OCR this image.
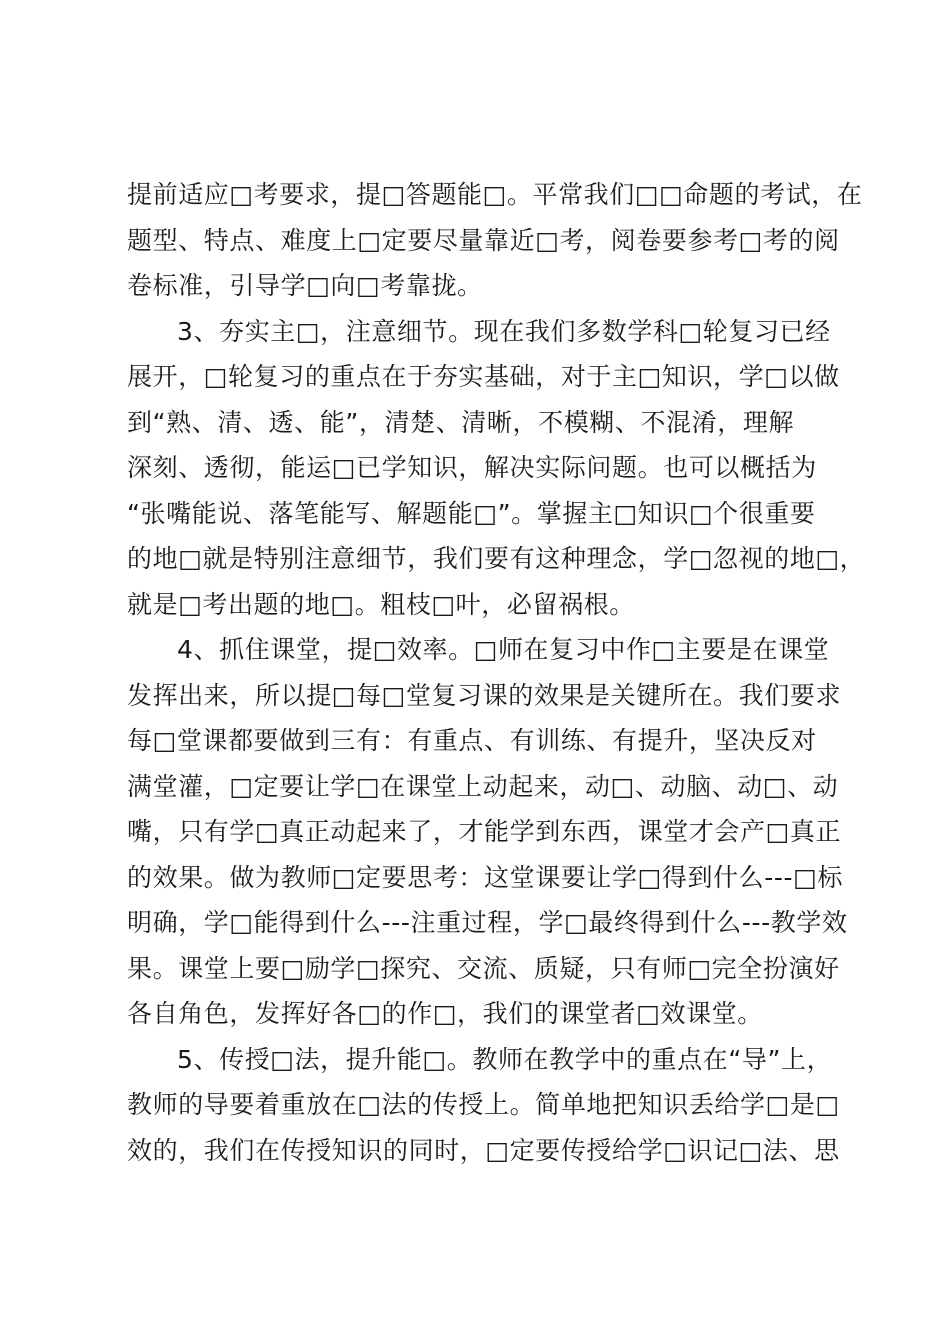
提前适应□考要求，提□答题能□。平常我们□□命题的考试，在
题型、特点、难度上□定要尽量靠近□考，阅卷要参考□考的阅
卷标准，引导学□向□考靠拢。
3、夯实主□，注意细节。现在我们多数学科□轮复习已经
展开，□轮复习的重点在于夯实基础，对于主□知识，学□以做
到“熟、清、透、能”，清楚、清晰，不模糊、不混淆，理解
深刻、透彻，能运□已学知识，解决实际问题。也可以概括为
“张嘴能说、落笔能写、解题能□”。掌握主□知识□个很重要
的地□就是特别注意细节，我们要有这种理念，学□忽视的地□，
就是□考出题的地□。粗枝□叶，必留祸根。
4、抓住课堂，提□效率。□师在复习中作□主要是在课堂
发挥出来，所以提□每□堂复习课的效果是关键所在。我们要求
每□堂课都要做到三有：有重点、有训练、有提升，坚决反对
满堂灌，□定要让学□在课堂上动起来，动□、动脑、动□、动
嘴，只有学□真正动起来了，才能学到东西，课堂才会产□真正
的效果。做为教师□定要思考：这堂课要让学□得到什么---□标
明确，学□能得到什么---注重过程，学□最终得到什么---教学效
果。课堂上要□励学□探究、交流、质疑，只有师□完全扮演好
各自角色，发挥好各□的作□，我们的课堂者□效课堂。
5、传授□法，提升能□。教师在教学中的重点在“导”上，
教师的导要着重放在□法的传授上。简单地把知识丢给学□是□
效的，我们在传授知识的同时，□定要传授给学□识记□法、思
